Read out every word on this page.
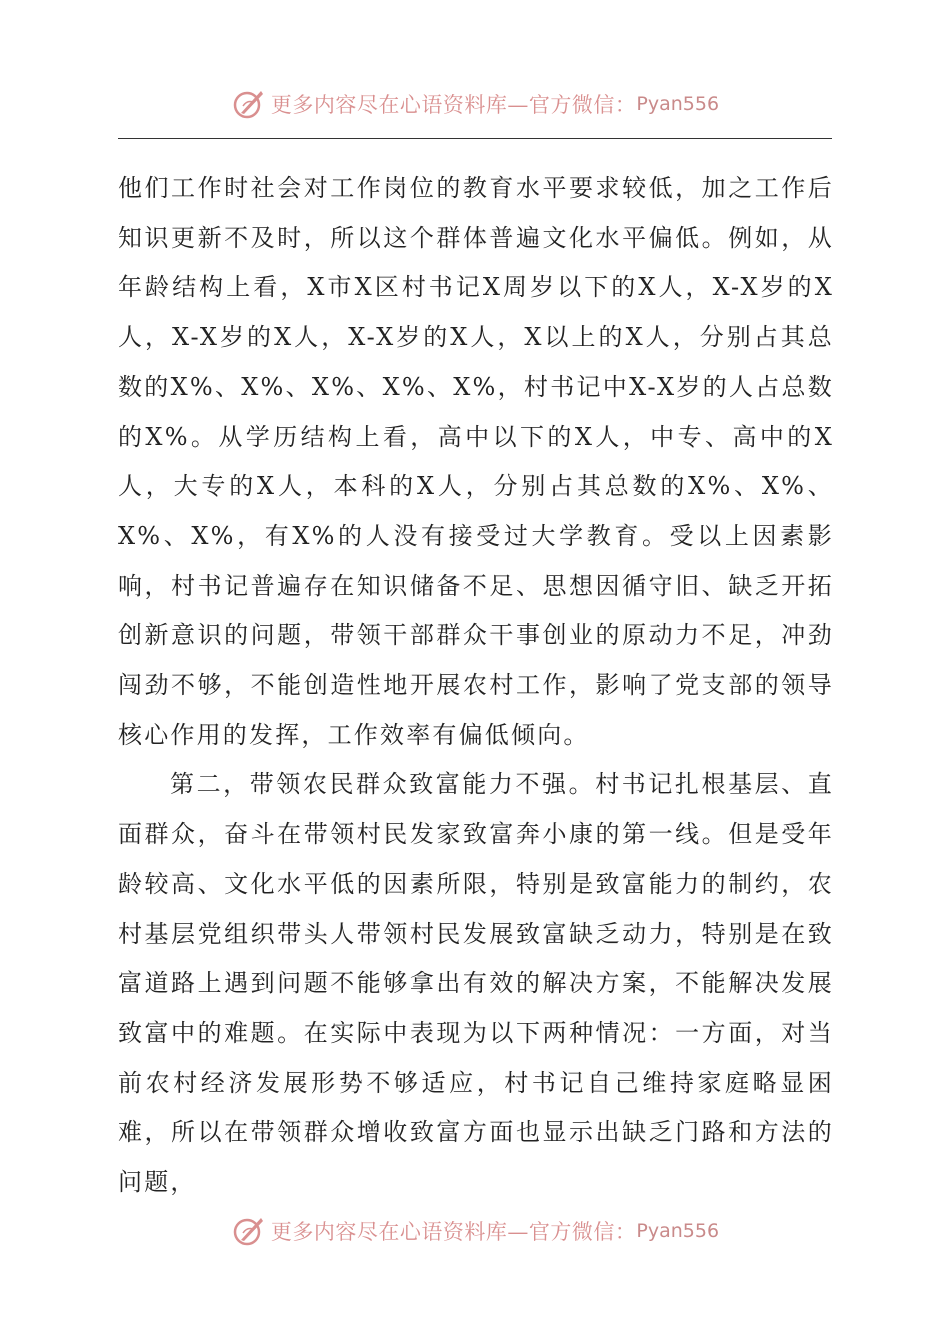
更多内容尽在心语资料库—官方微信： Pyan556

他们工作时社会对工作岗位的教育水平要求较低，加之工作后知识更新不及时，所以这个群体普遍文化水平偏低。例如，从年龄结构上看，X市X区村书记X周岁以下的X人，X-X岁的X人，X-X岁的X人，X-X岁的X人，X以上的X人，分别占其总数的X%、X%、X%、X%、X%，村书记中X-X岁的人占总数的X%。从学历结构上看，高中以下的X人，中专、高中的X人，大专的X人，本科的X人，分别占其总数的X%、X%、X%、X%，有X%的人没有接受过大学教育。受以上因素影响，村书记普遍存在知识储备不足、思想因循守旧、缺乏开拓创新意识的问题，带领干部群众干事创业的原动力不足，冲劲闯劲不够，不能创造性地开展农村工作，影响了党支部的领导核心作用的发挥，工作效率有偏低倾向。

第二，带领农民群众致富能力不强。村书记扎根基层、直面群众，奋斗在带领村民发家致富奔小康的第一线。但是受年龄较高、文化水平低的因素所限，特别是致富能力的制约，农村基层党组织带头人带领村民发展致富缺乏动力，特别是在致富道路上遇到问题不能够拿出有效的解决方案，不能解决发展致富中的难题。在实际中表现为以下两种情况：一方面，对当前农村经济发展形势不够适应，村书记自己维持家庭略显困难，所以在带领群众增收致富方面也显示出缺乏门路和方法的问题，

更多内容尽在心语资料库—官方微信： Pyan556
